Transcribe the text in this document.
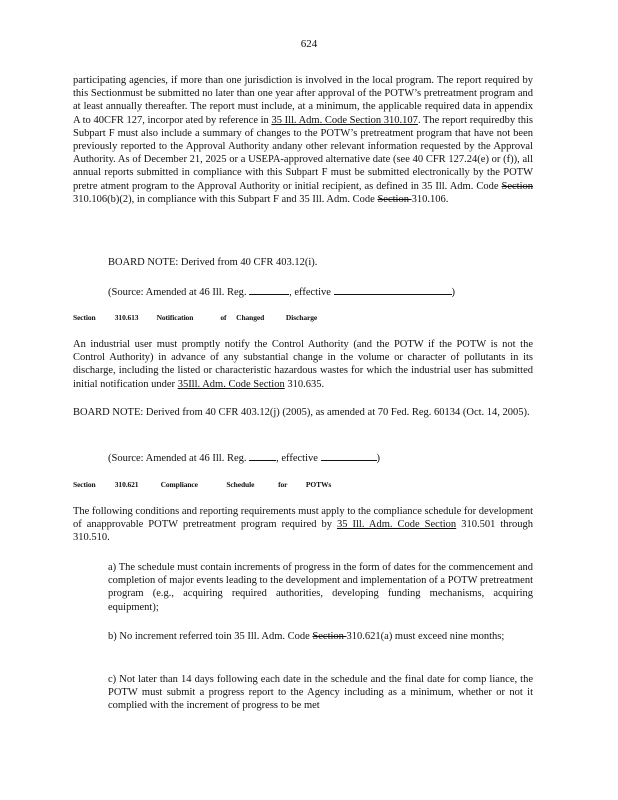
624

participating agencies, if more than one jurisdiction is involved in the local program. The report required by this Sectionmust be submitted no later than one year after approval of the POTW’s pretreatment program and at least annually thereafter. The report must include, at a minimum, the applicable required data in appendix A to 40CFR 127, incorpor ated by reference in 35 Ill. Adm. Code Section 310.107. The report requiredby this Subpart F must also include a summary of changes to the POTW’s pretreatment program that have not been previously reported to the Approval Authority andany other relevant information requested by the Approval Authority. As of December 21, 2025 or a USEPA-approved alternative date (see 40 CFR 127.24(e) or (f)), all annual reports submitted in compliance with this Subpart F must be submitted electronically by the POTW pretre atment program to the Approval Authority or initial recipient, as defined in 35 Ill. Adm. Code Section 310.106(b)(2), in compliance with this Subpart F and 35 Ill. Adm. Code Section 310.106.

BOARD NOTE: Derived from 40 CFR 403.12(i).
(Source: Amended at 46 Ill. Reg.	, effective	)
Section	310.613 Notification	of Changed	Discharge

An industrial user must promptly notify the Control Authority (and the POTW if the POTW is not the Control Authority) in advance of any substantial change in the volume or character of pollutants in its discharge, including the listed or characteristic hazardous wastes for which the industrial user has submitted initial notification under 35Ill. Adm. Code Section 310.635.

BOARD NOTE: Derived from 40 CFR 403.12(j) (2005), as amended at 70 Fed. Reg. 60134 (Oct. 14, 2005).

(Source: Amended at 46 Ill. Reg.	, effective	)
Section	310.621	Compliance	Schedule	for POTWs

The following conditions and reporting requirements must apply to the compliance schedule for development of anapprovable POTW pretreatment program required by 35 Ill. Adm. Code Section 310.501 through 310.510.

a) The schedule must contain increments of progress in the form of dates for the commencement and completion of major events leading to the development and implementation of a POTW pretreatment program (e.g., acquiring required authorities, developing funding mechanisms, acquiring equipment);
b) No increment referred toin 35 Ill. Adm. Code Section 310.621(a) must exceed nine months;
c) Not later than 14 days following each date in the schedule and the final date for comp liance, the POTW must submit a progress report to the Agency including as a minimum, whether or not it complied with the increment of progress to be met
